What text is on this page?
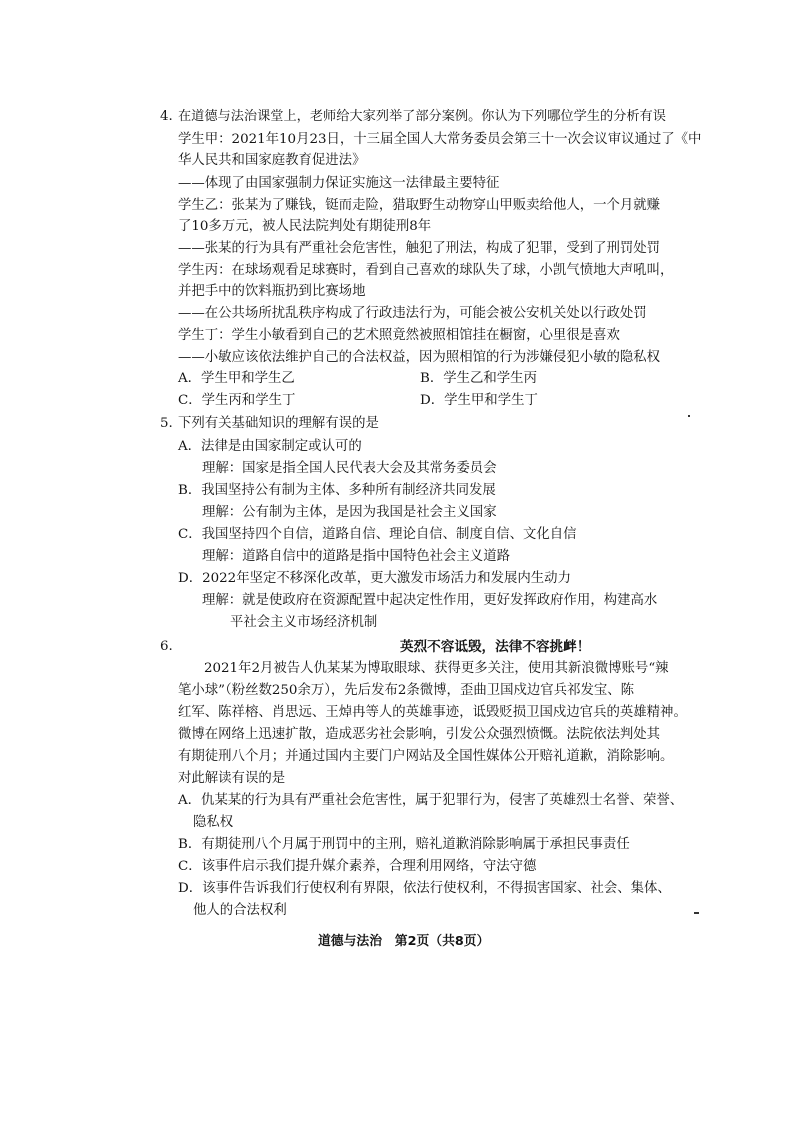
4. 在道德与法治课堂上，老师给大家列举了部分案例。你认为下列哪位学生的分析有误
学生甲：2021年10月23日，十三届全国人大常务委员会第三十一次会议审议通过了《中
华人民共和国家庭教育促进法》
——体现了由国家强制力保证实施这一法律最主要特征
学生乙：张某为了赚钱，铤而走险，猎取野生动物穿山甲贩卖给他人，一个月就赚
了10多万元，被人民法院判处有期徒刑8年
——张某的行为具有严重社会危害性，触犯了刑法，构成了犯罪，受到了刑罚处罚
学生丙：在球场观看足球赛时，看到自己喜欢的球队失了球，小凯气愤地大声吼叫，
并把手中的饮料瓶扔到比赛场地
——在公共场所扰乱秩序构成了行政违法行为，可能会被公安机关处以行政处罚
学生丁：学生小敏看到自己的艺术照竟然被照相馆挂在橱窗，心里很是喜欢
——小敏应该依法维护自己的合法权益，因为照相馆的行为涉嫌侵犯小敏的隐私权
A．学生甲和学生乙	B．学生乙和学生丙
C．学生丙和学生丁	D．学生甲和学生丁
5. 下列有关基础知识的理解有误的是
A．法律是由国家制定或认可的
理解：国家是指全国人民代表大会及其常务委员会
B．我国坚持公有制为主体、多种所有制经济共同发展
理解：公有制为主体，是因为我国是社会主义国家
C．我国坚持四个自信，道路自信、理论自信、制度自信、文化自信
理解：道路自信中的道路是指中国特色社会主义道路
D．2022年坚定不移深化改革，更大激发市场活力和发展内生动力
理解：就是使政府在资源配置中起决定性作用，更好发挥政府作用，构建高水
平社会主义市场经济机制
6.	英烈不容诋毁，法律不容挑衅！
2021年2月被告人仇某某为博取眼球、获得更多关注，使用其新浪微博账号“辣
笔小球”（粉丝数250余万），先后发布2条微博，歪曲卫国戍边官兵祁发宝、陈
红军、陈祥榕、肖思远、王焯冉等人的英雄事迹，诋毁贬损卫国戍边官兵的英雄精神。
微博在网络上迅速扩散，造成恶劣社会影响，引发公众强烈愤慨。法院依法判处其
有期徒刑八个月；并通过国内主要门户网站及全国性媒体公开赔礼道歉，消除影响。
对此解读有误的是
A．仇某某的行为具有严重社会危害性，属于犯罪行为，侵害了英雄烈士名誉、荣誉、
隐私权
B．有期徒刑八个月属于刑罚中的主刑，赔礼道歉消除影响属于承担民事责任
C．该事件启示我们提升媒介素养，合理利用网络，守法守德
D．该事件告诉我们行使权利有界限，依法行使权利，不得损害国家、社会、集体、
他人的合法权利
道德与法治　第2页（共8页）
